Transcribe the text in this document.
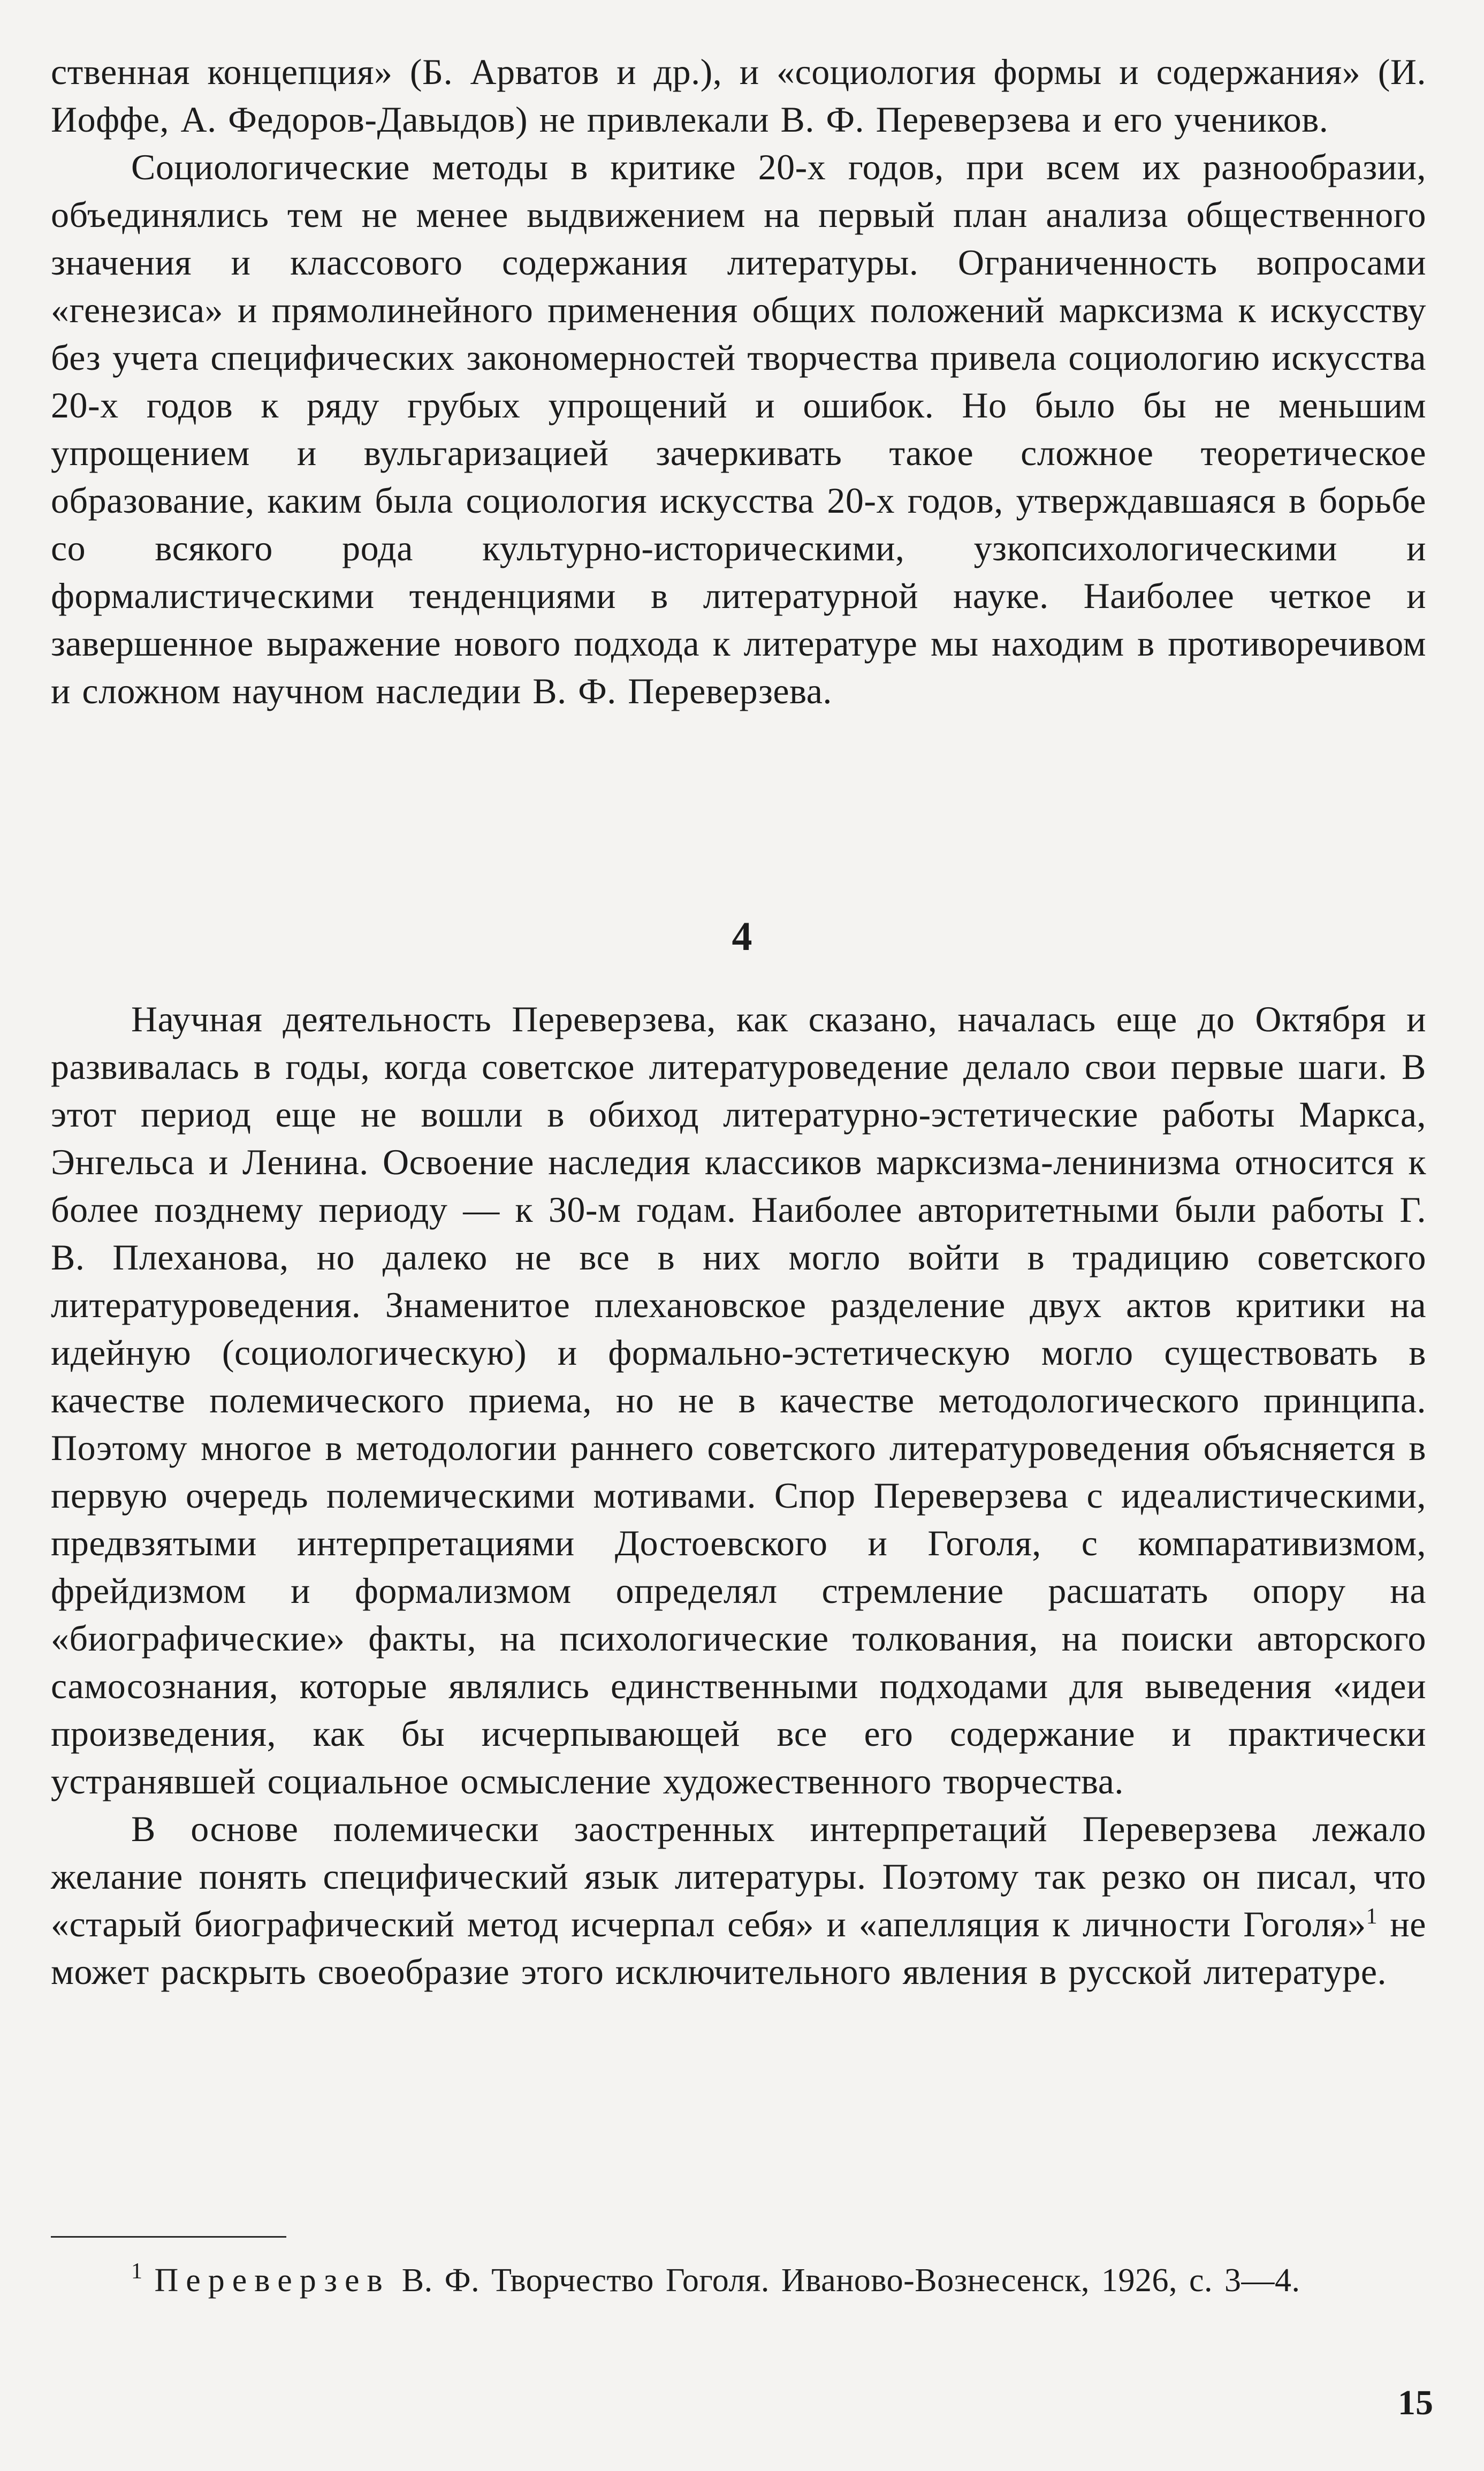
ственная концепция» (Б. Арватов и др.), и «социология формы и содержания» (И. Иоффе, А. Федоров-Давыдов) не привлекали В. Ф. Переверзева и его учеников.

Социологические методы в критике 20-х годов, при всем их разнообразии, объединялись тем не менее выдвижением на первый план анализа общественного значения и классового содержания литературы. Ограниченность вопросами «генезиса» и прямолинейного применения общих положений марксизма к искусству без учета специфических закономерностей творчества привела социологию искусства 20-х годов к ряду грубых упрощений и ошибок. Но было бы не меньшим упрощением и вульгаризацией зачеркивать такое сложное теоретическое образование, каким была социология искусства 20-х годов, утверждавшаяся в борьбе со всякого рода культурно-историческими, узкопсихологическими и формалистическими тенденциями в литературной науке. Наиболее четкое и завершенное выражение нового подхода к литературе мы находим в противоречивом и сложном научном наследии В. Ф. Переверзева.

4

Научная деятельность Переверзева, как сказано, началась еще до Октября и развивалась в годы, когда советское литературоведение делало свои первые шаги. В этот период еще не вошли в обиход литературно-эстетические работы Маркса, Энгельса и Ленина. Освоение наследия классиков марксизма-ленинизма относится к более позднему периоду — к 30-м годам. Наиболее авторитетными были работы Г. В. Плеханова, но далеко не все в них могло войти в традицию советского литературоведения. Знаменитое плехановское разделение двух актов критики на идейную (социологическую) и формально-эстетическую могло существовать в качестве полемического приема, но не в качестве методологического принципа. Поэтому многое в методологии раннего советского литературоведения объясняется в первую очередь полемическими мотивами. Спор Переверзева с идеалистическими, предвзятыми интерпретациями Достоевского и Гоголя, с компаративизмом, фрейдизмом и формализмом определял стремление расшатать опору на «биографические» факты, на психологические толкования, на поиски авторского самосознания, которые являлись единственными подходами для выведения «идеи произведения, как бы исчерпывающей все его содержание и практически устранявшей социальное осмысление художественного творчества.

В основе полемически заостренных интерпретаций Переверзева лежало желание понять специфический язык литературы. Поэтому так резко он писал, что «старый биографический метод исчерпал себя» и «апелляция к личности Гоголя»$^1$ не может раскрыть своеобразие этого исключительного явления в русской литературе.

$^1$ Переверзев В. Ф. Творчество Гоголя. Иваново-Вознесенск, 1926, с. 3—4.
15
